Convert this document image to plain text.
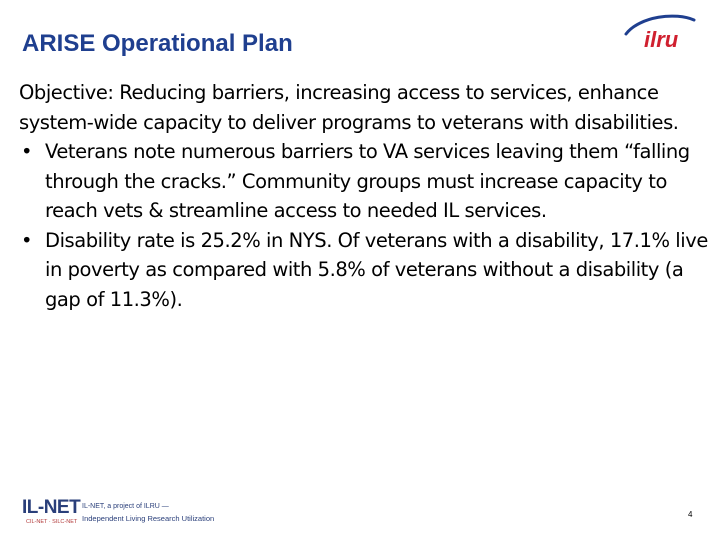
ARISE Operational Plan	ilru

Objective: Reducing barriers, increasing access to services, enhance system-wide capacity to deliver programs to veterans with disabilities.

• Veterans note numerous barriers to VA services leaving them “falling through the cracks.” Community groups must increase capacity to reach vets & streamline access to needed IL services.
• Disability rate is 25.2% in NYS. Of veterans with a disability, 17.1% live in poverty as compared with 5.8% of veterans without a disability (a gap of 11.3%).
IL-NET
CIL-NET · SILC-NET
IL-NET, a project of ILRU —
Independent Living Research Utilization	4
